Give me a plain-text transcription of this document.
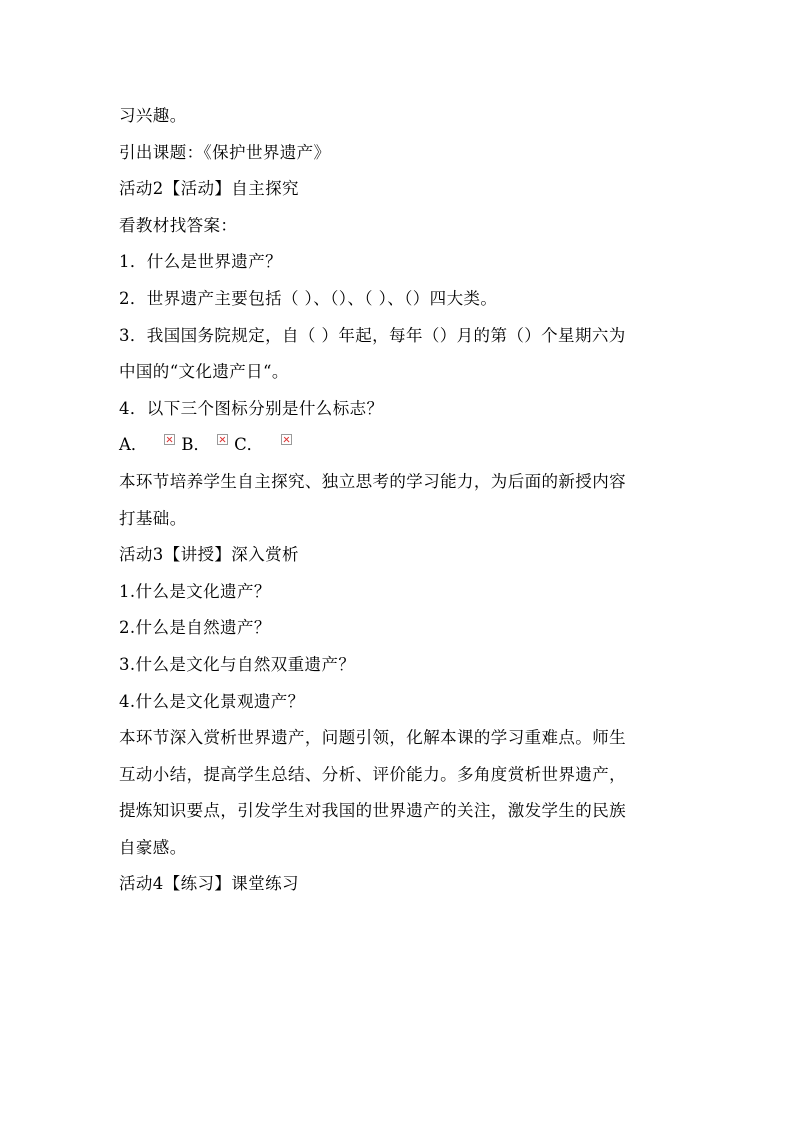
习兴趣。
引出课题：《保护世界遗产》
活动2【活动】自主探究
看教材找答案：
1．什么是世界遗产？
2．世界遗产主要包括（ ）、（）、（ ）、（）四大类。
3．我国国务院规定，自（ ）年起，每年（）月的第（）个星期六为
中国的“文化遗产日“。
4．以下三个图标分别是什么标志？
A． B． C．
本环节培养学生自主探究、独立思考的学习能力，为后面的新授内容
打基础。
活动3【讲授】深入赏析
1.什么是文化遗产？
2.什么是自然遗产？
3.什么是文化与自然双重遗产？
4.什么是文化景观遗产？
本环节深入赏析世界遗产，问题引领，化解本课的学习重难点。师生
互动小结，提高学生总结、分析、评价能力。多角度赏析世界遗产，
提炼知识要点，引发学生对我国的世界遗产的关注，激发学生的民族
自豪感。
活动4【练习】课堂练习
